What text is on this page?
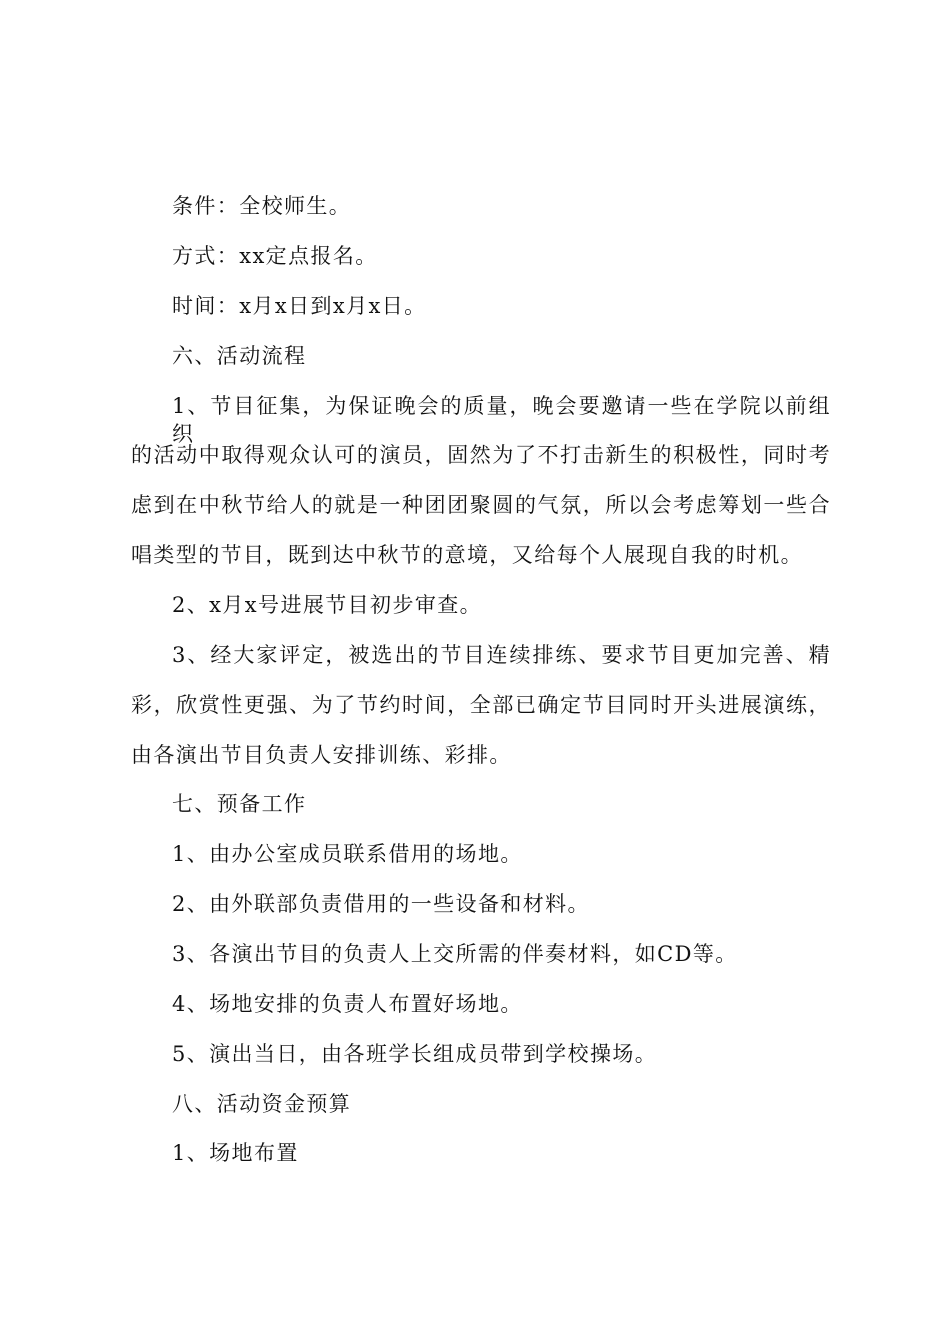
条件：全校师生。
方式：xx定点报名。
时间：x月x日到x月x日。
六、活动流程
1、节目征集，为保证晚会的质量，晚会要邀请一些在学院以前组织
的活动中取得观众认可的演员，固然为了不打击新生的积极性，同时考
虑到在中秋节给人的就是一种团团聚圆的气氛，所以会考虑筹划一些合
唱类型的节目，既到达中秋节的意境，又给每个人展现自我的时机。
2、x月x号进展节目初步审查。
3、经大家评定，被选出的节目连续排练、要求节目更加完善、精
彩，欣赏性更强、为了节约时间，全部已确定节目同时开头进展演练，
由各演出节目负责人安排训练、彩排。
七、预备工作
1、由办公室成员联系借用的场地。
2、由外联部负责借用的一些设备和材料。
3、各演出节目的负责人上交所需的伴奏材料，如CD等。
4、场地安排的负责人布置好场地。
5、演出当日，由各班学长组成员带到学校操场。
八、活动资金预算
1、场地布置
